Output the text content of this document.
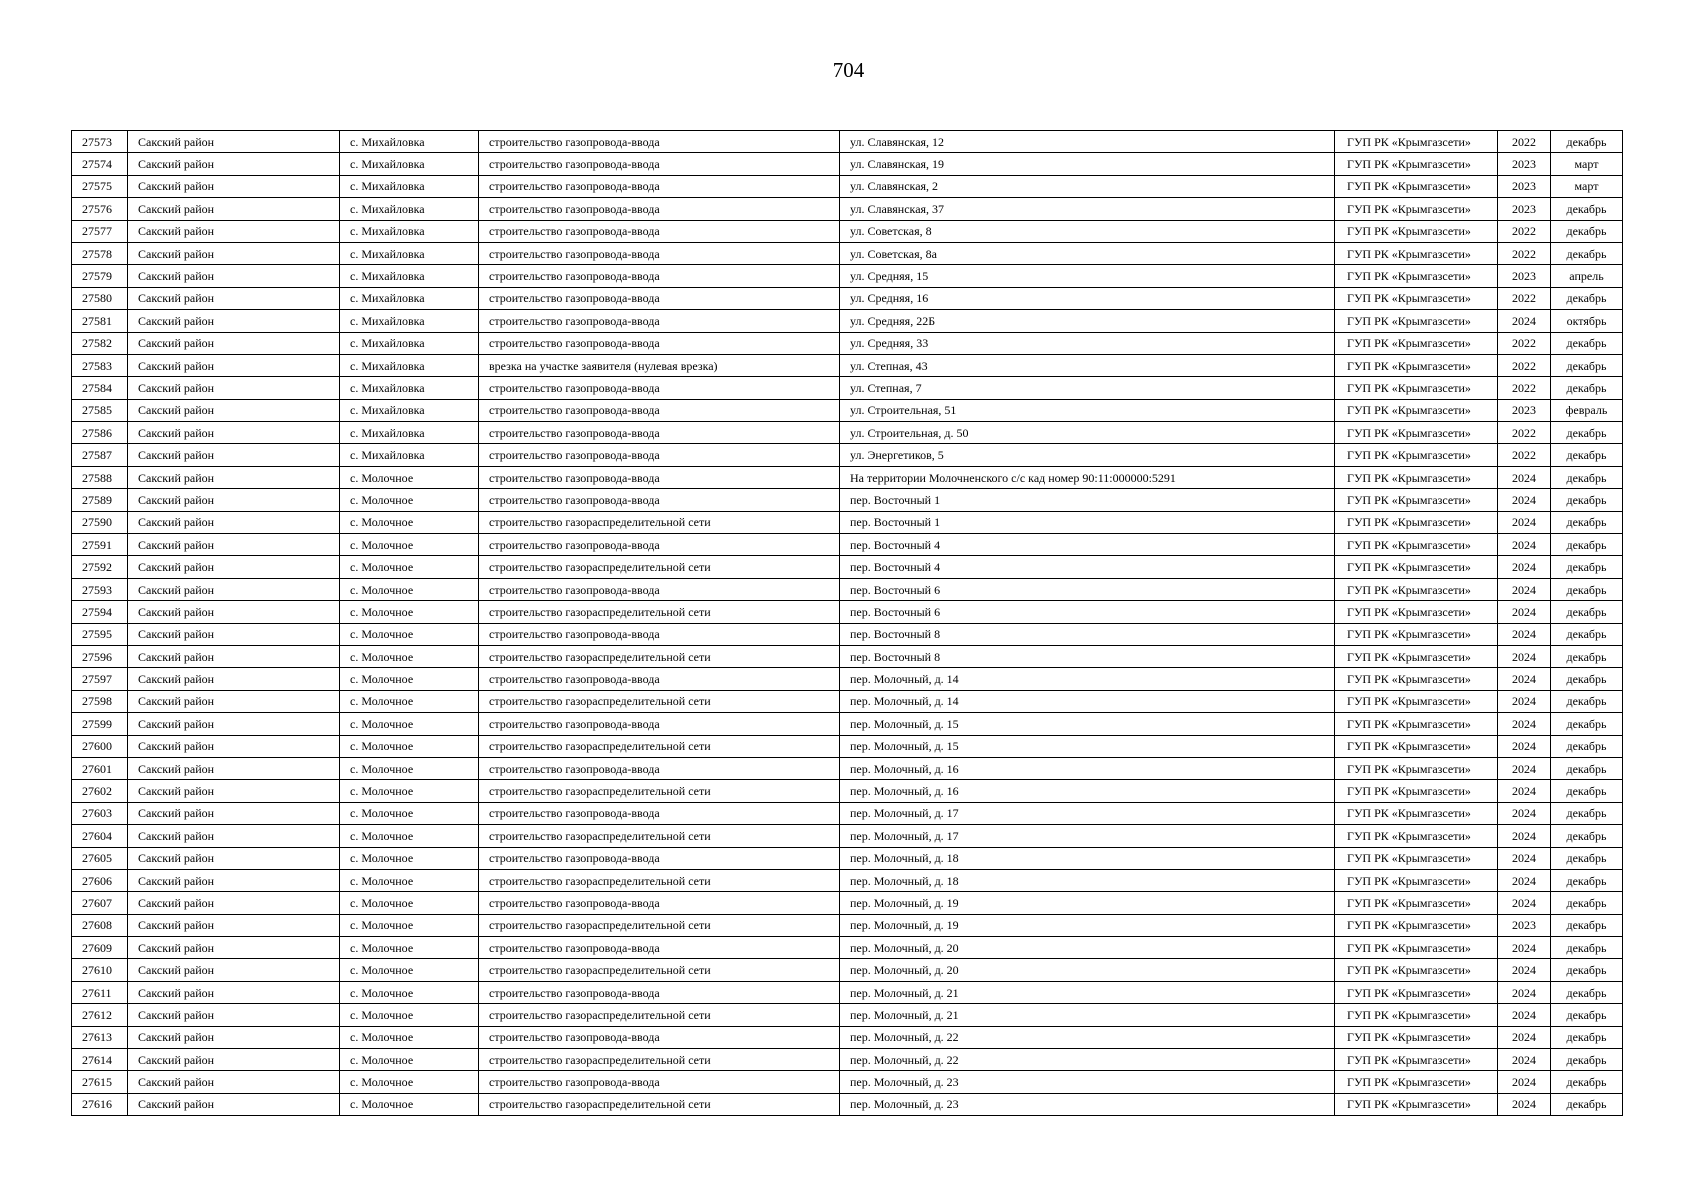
704
27573	Сакский район	с. Михайловка	строительство газопровода-ввода	ул. Славянская, 12	ГУП РК «Крымгазсети»	2022	декабрь
27574	Сакский район	с. Михайловка	строительство газопровода-ввода	ул. Славянская, 19	ГУП РК «Крымгазсети»	2023	март
27575	Сакский район	с. Михайловка	строительство газопровода-ввода	ул. Славянская, 2	ГУП РК «Крымгазсети»	2023	март
27576	Сакский район	с. Михайловка	строительство газопровода-ввода	ул. Славянская, 37	ГУП РК «Крымгазсети»	2023	декабрь
27577	Сакский район	с. Михайловка	строительство газопровода-ввода	ул. Советская, 8	ГУП РК «Крымгазсети»	2022	декабрь
27578	Сакский район	с. Михайловка	строительство газопровода-ввода	ул. Советская, 8а	ГУП РК «Крымгазсети»	2022	декабрь
27579	Сакский район	с. Михайловка	строительство газопровода-ввода	ул. Средняя, 15	ГУП РК «Крымгазсети»	2023	апрель
27580	Сакский район	с. Михайловка	строительство газопровода-ввода	ул. Средняя, 16	ГУП РК «Крымгазсети»	2022	декабрь
27581	Сакский район	с. Михайловка	строительство газопровода-ввода	ул. Средняя, 22Б	ГУП РК «Крымгазсети»	2024	октябрь
27582	Сакский район	с. Михайловка	строительство газопровода-ввода	ул. Средняя, 33	ГУП РК «Крымгазсети»	2022	декабрь
27583	Сакский район	с. Михайловка	врезка на участке заявителя (нулевая врезка)	ул. Степная, 43	ГУП РК «Крымгазсети»	2022	декабрь
27584	Сакский район	с. Михайловка	строительство газопровода-ввода	ул. Степная, 7	ГУП РК «Крымгазсети»	2022	декабрь
27585	Сакский район	с. Михайловка	строительство газопровода-ввода	ул. Строительная, 51	ГУП РК «Крымгазсети»	2023	февраль
27586	Сакский район	с. Михайловка	строительство газопровода-ввода	ул. Строительная, д. 50	ГУП РК «Крымгазсети»	2022	декабрь
27587	Сакский район	с. Михайловка	строительство газопровода-ввода	ул. Энергетиков, 5	ГУП РК «Крымгазсети»	2022	декабрь
27588	Сакский район	с. Молочное	строительство газопровода-ввода	На территории Молочненского с/с кад номер 90:11:000000:5291	ГУП РК «Крымгазсети»	2024	декабрь
27589	Сакский район	с. Молочное	строительство газопровода-ввода	пер. Восточный 1	ГУП РК «Крымгазсети»	2024	декабрь
27590	Сакский район	с. Молочное	строительство газораспределительной сети	пер. Восточный 1	ГУП РК «Крымгазсети»	2024	декабрь
27591	Сакский район	с. Молочное	строительство газопровода-ввода	пер. Восточный 4	ГУП РК «Крымгазсети»	2024	декабрь
27592	Сакский район	с. Молочное	строительство газораспределительной сети	пер. Восточный 4	ГУП РК «Крымгазсети»	2024	декабрь
27593	Сакский район	с. Молочное	строительство газопровода-ввода	пер. Восточный 6	ГУП РК «Крымгазсети»	2024	декабрь
27594	Сакский район	с. Молочное	строительство газораспределительной сети	пер. Восточный 6	ГУП РК «Крымгазсети»	2024	декабрь
27595	Сакский район	с. Молочное	строительство газопровода-ввода	пер. Восточный 8	ГУП РК «Крымгазсети»	2024	декабрь
27596	Сакский район	с. Молочное	строительство газораспределительной сети	пер. Восточный 8	ГУП РК «Крымгазсети»	2024	декабрь
27597	Сакский район	с. Молочное	строительство газопровода-ввода	пер. Молочный, д. 14	ГУП РК «Крымгазсети»	2024	декабрь
27598	Сакский район	с. Молочное	строительство газораспределительной сети	пер. Молочный, д. 14	ГУП РК «Крымгазсети»	2024	декабрь
27599	Сакский район	с. Молочное	строительство газопровода-ввода	пер. Молочный, д. 15	ГУП РК «Крымгазсети»	2024	декабрь
27600	Сакский район	с. Молочное	строительство газораспределительной сети	пер. Молочный, д. 15	ГУП РК «Крымгазсети»	2024	декабрь
27601	Сакский район	с. Молочное	строительство газопровода-ввода	пер. Молочный, д. 16	ГУП РК «Крымгазсети»	2024	декабрь
27602	Сакский район	с. Молочное	строительство газораспределительной сети	пер. Молочный, д. 16	ГУП РК «Крымгазсети»	2024	декабрь
27603	Сакский район	с. Молочное	строительство газопровода-ввода	пер. Молочный, д. 17	ГУП РК «Крымгазсети»	2024	декабрь
27604	Сакский район	с. Молочное	строительство газораспределительной сети	пер. Молочный, д. 17	ГУП РК «Крымгазсети»	2024	декабрь
27605	Сакский район	с. Молочное	строительство газопровода-ввода	пер. Молочный, д. 18	ГУП РК «Крымгазсети»	2024	декабрь
27606	Сакский район	с. Молочное	строительство газораспределительной сети	пер. Молочный, д. 18	ГУП РК «Крымгазсети»	2024	декабрь
27607	Сакский район	с. Молочное	строительство газопровода-ввода	пер. Молочный, д. 19	ГУП РК «Крымгазсети»	2024	декабрь
27608	Сакский район	с. Молочное	строительство газораспределительной сети	пер. Молочный, д. 19	ГУП РК «Крымгазсети»	2023	декабрь
27609	Сакский район	с. Молочное	строительство газопровода-ввода	пер. Молочный, д. 20	ГУП РК «Крымгазсети»	2024	декабрь
27610	Сакский район	с. Молочное	строительство газораспределительной сети	пер. Молочный, д. 20	ГУП РК «Крымгазсети»	2024	декабрь
27611	Сакский район	с. Молочное	строительство газопровода-ввода	пер. Молочный, д. 21	ГУП РК «Крымгазсети»	2024	декабрь
27612	Сакский район	с. Молочное	строительство газораспределительной сети	пер. Молочный, д. 21	ГУП РК «Крымгазсети»	2024	декабрь
27613	Сакский район	с. Молочное	строительство газопровода-ввода	пер. Молочный, д. 22	ГУП РК «Крымгазсети»	2024	декабрь
27614	Сакский район	с. Молочное	строительство газораспределительной сети	пер. Молочный, д. 22	ГУП РК «Крымгазсети»	2024	декабрь
27615	Сакский район	с. Молочное	строительство газопровода-ввода	пер. Молочный, д. 23	ГУП РК «Крымгазсети»	2024	декабрь
27616	Сакский район	с. Молочное	строительство газораспределительной сети	пер. Молочный, д. 23	ГУП РК «Крымгазсети»	2024	декабрь
